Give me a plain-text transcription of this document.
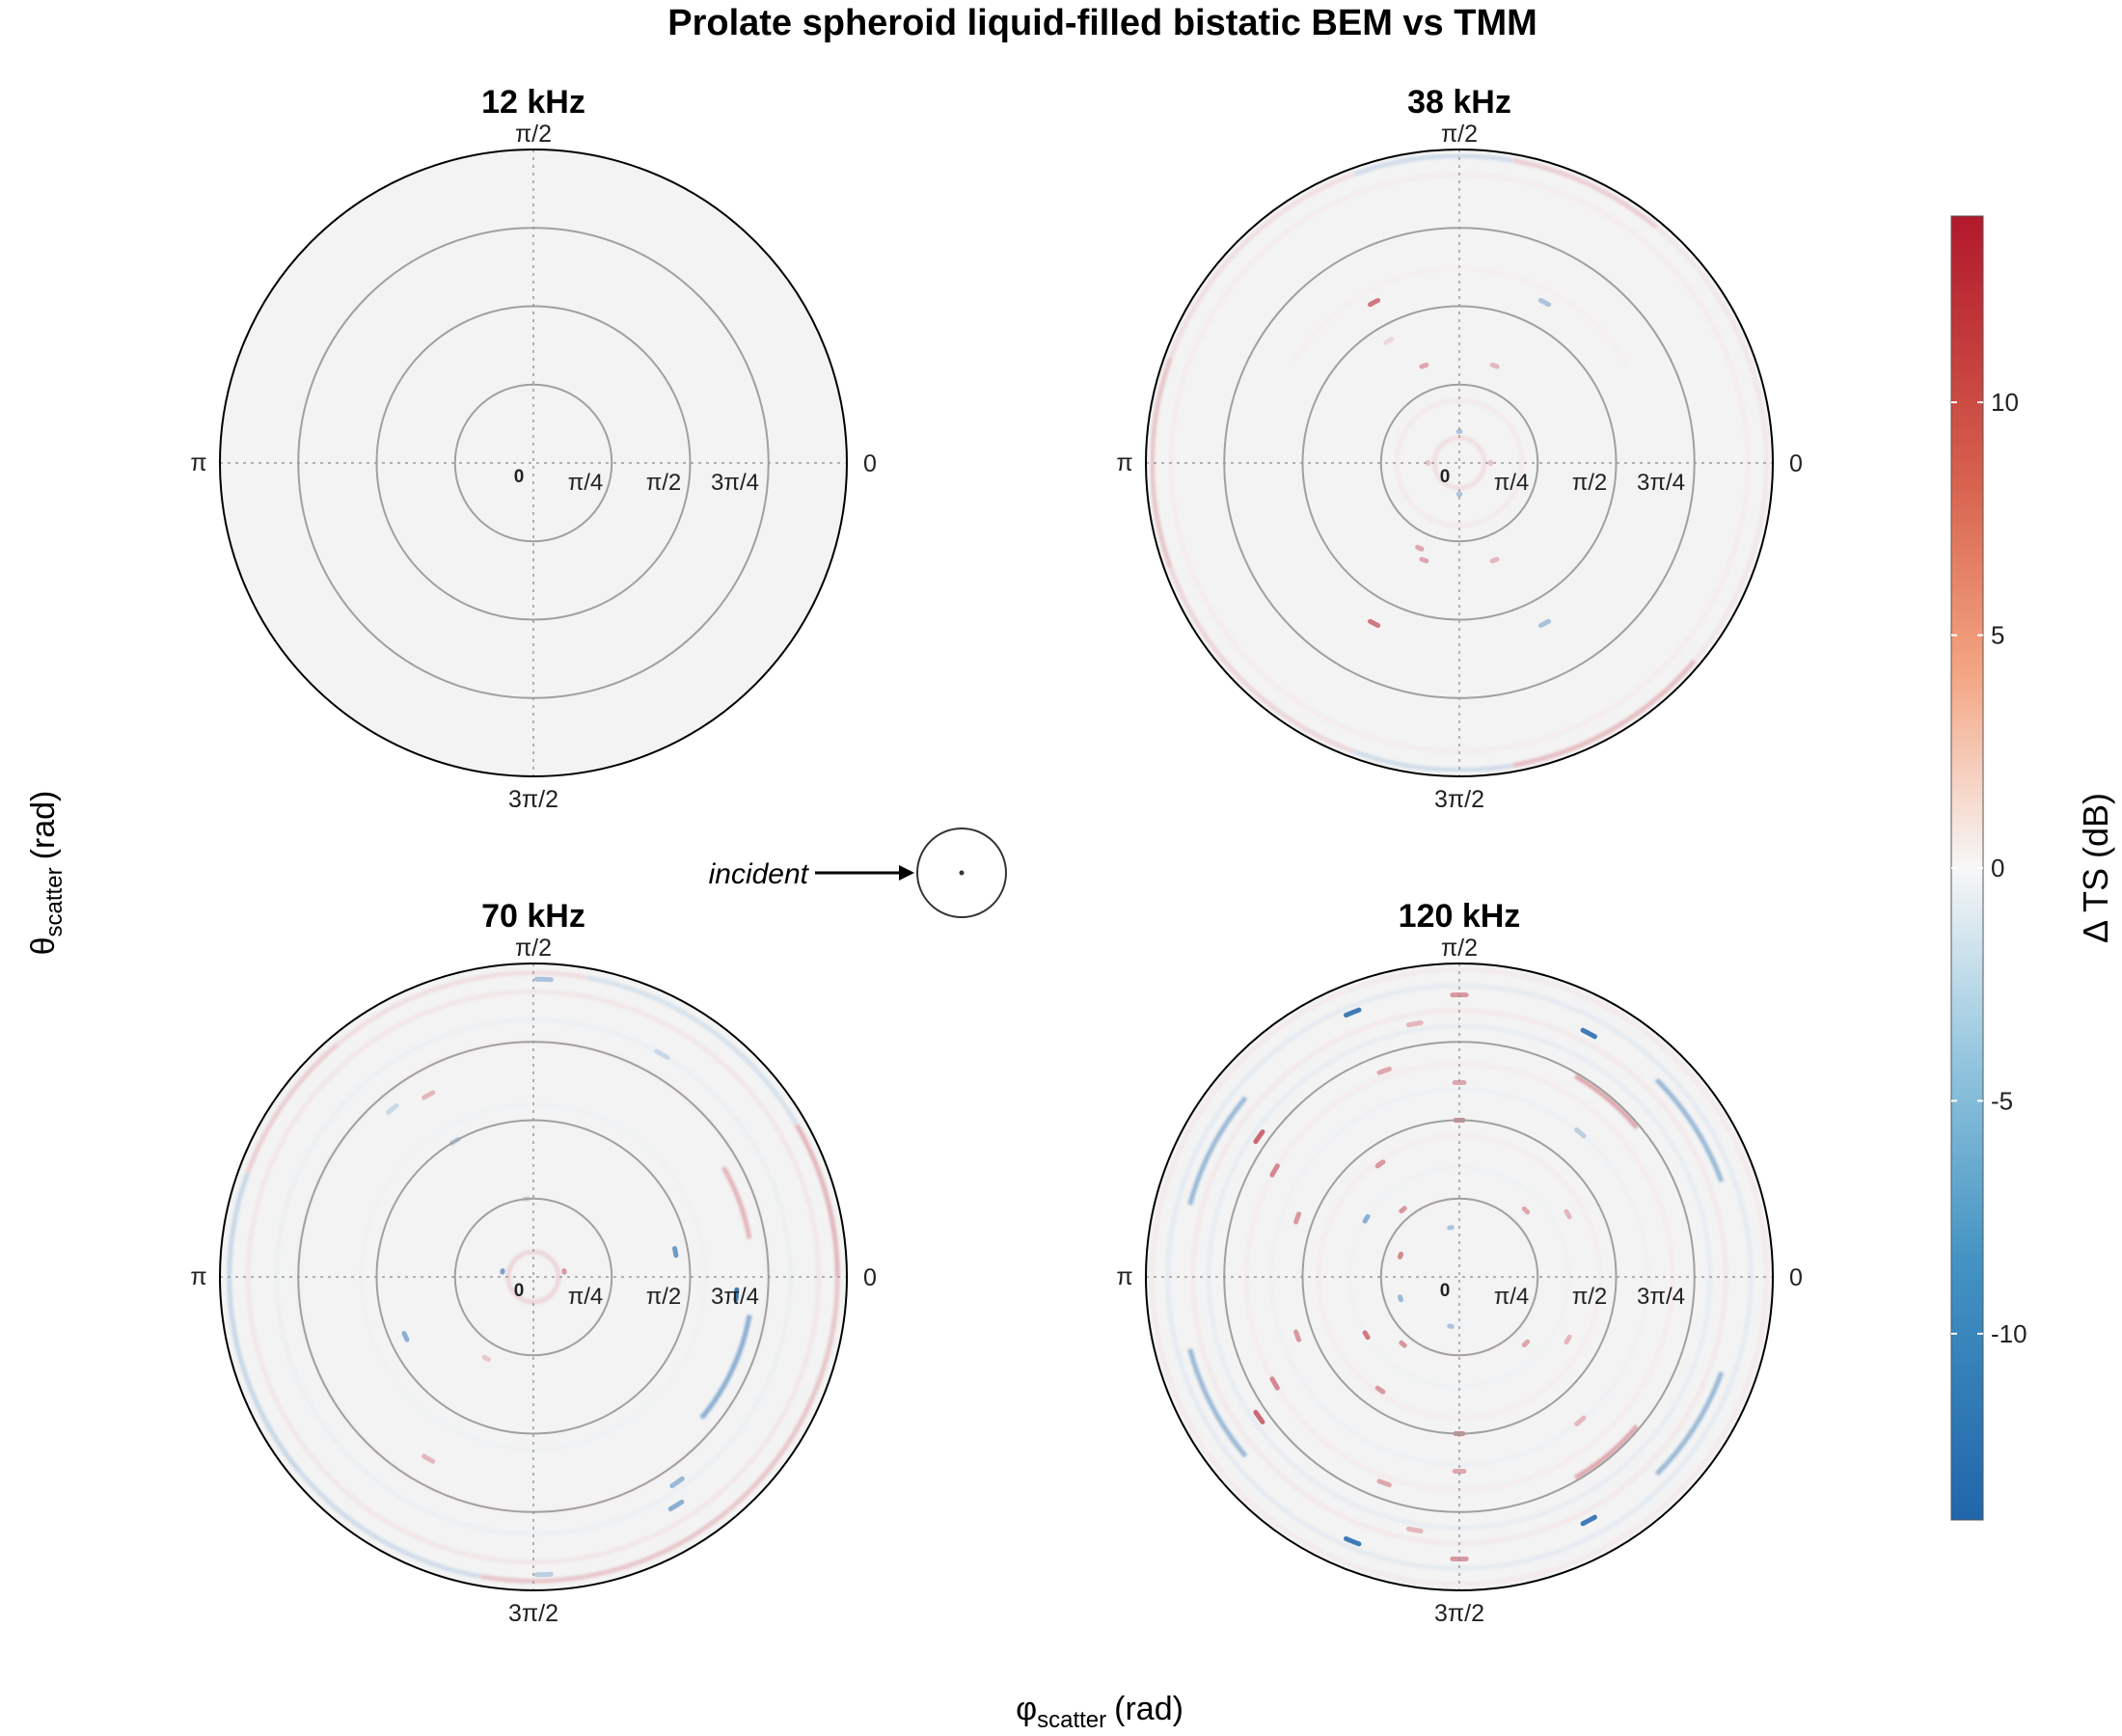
Prolate spheroid liquid-filled bistatic BEM vs TMM
12 kHz
0
π/2
π
3π/2
0 π/4 π/2 3π/4
38 kHz
0
π/2
π
3π/2
0 π/4 π/2 3π/4
70 kHz
0
π/2
π
3π/2
0 π/4 π/2 3π/4
120 kHz
0
π/2
π
3π/2
0 π/4 π/2 3π/4
incident
$\varphi_{scatter}$ (rad)
$\theta_{scatter}(rad)$
-10
-5
0
5
10
Δ TS (dB)
